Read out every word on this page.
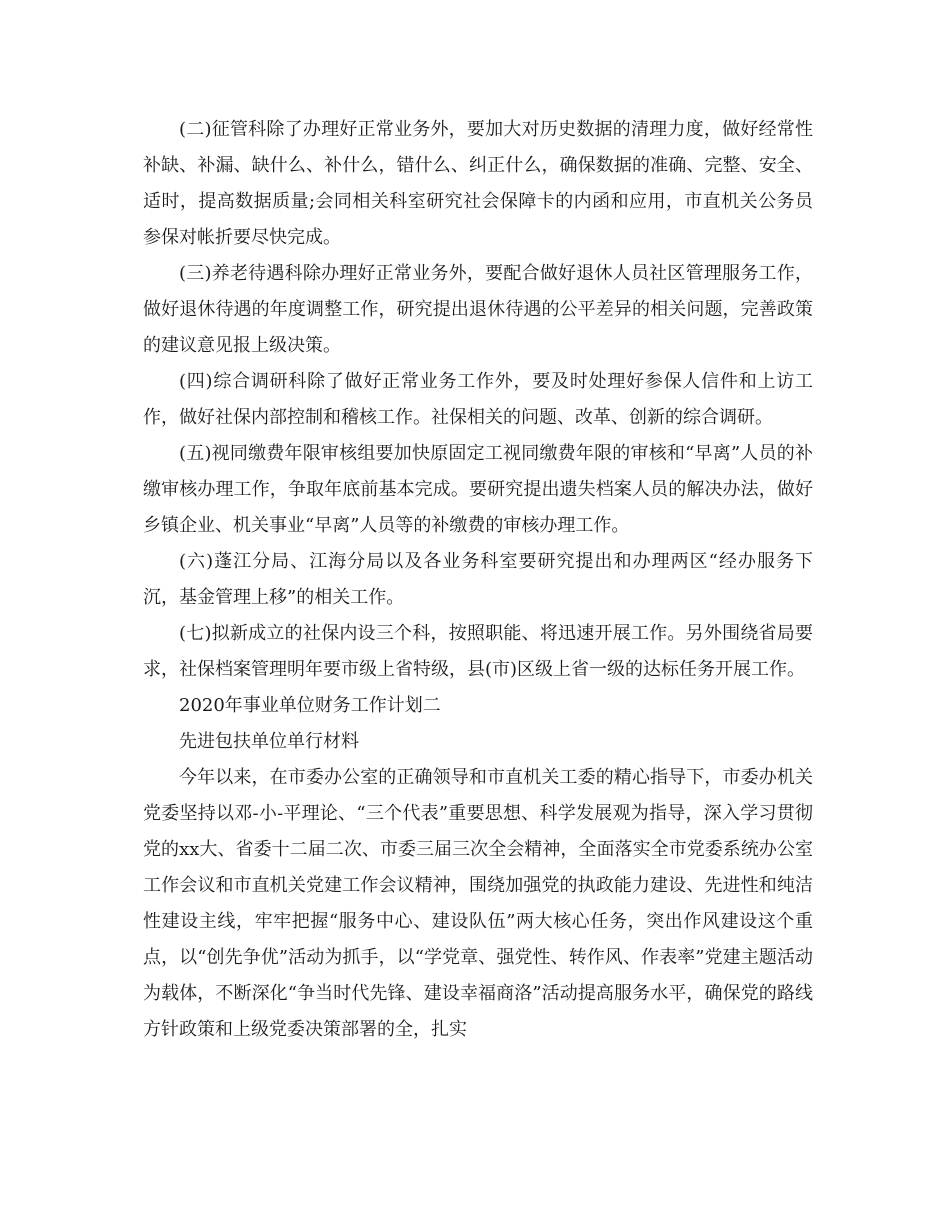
(二)征管科除了办理好正常业务外，要加大对历史数据的清理力度，做好经常性补缺、补漏、缺什么、补什么，错什么、纠正什么，确保数据的准确、完整、安全、适时，提高数据质量;会同相关科室研究社会保障卡的内函和应用，市直机关公务员参保对帐折要尽快完成。

(三)养老待遇科除办理好正常业务外，要配合做好退休人员社区管理服务工作，做好退休待遇的年度调整工作，研究提出退休待遇的公平差异的相关问题，完善政策的建议意见报上级决策。

(四)综合调研科除了做好正常业务工作外，要及时处理好参保人信件和上访工作，做好社保内部控制和稽核工作。社保相关的问题、改革、创新的综合调研。

(五)视同缴费年限审核组要加快原固定工视同缴费年限的审核和“早离”人员的补缴审核办理工作，争取年底前基本完成。要研究提出遗失档案人员的解决办法，做好乡镇企业、机关事业“早离”人员等的补缴费的审核办理工作。

(六)蓬江分局、江海分局以及各业务科室要研究提出和办理两区“经办服务下沉，基金管理上移”的相关工作。

(七)拟新成立的社保内设三个科，按照职能、将迅速开展工作。另外围绕省局要求，社保档案管理明年要市级上省特级，县(市)区级上省一级的达标任务开展工作。

2020年事业单位财务工作计划二

先进包扶单位单行材料

今年以来，在市委办公室的正确领导和市直机关工委的精心指导下，市委办机关党委坚持以邓-小-平理论、“三个代表”重要思想、科学发展观为指导，深入学习贯彻党的xx大、省委十二届二次、市委三届三次全会精神，全面落实全市党委系统办公室工作会议和市直机关党建工作会议精神，围绕加强党的执政能力建设、先进性和纯洁性建设主线，牢牢把握“服务中心、建设队伍”两大核心任务，突出作风建设这个重点，以“创先争优”活动为抓手，以“学党章、强党性、转作风、作表率”党建主题活动为载体，不断深化“争当时代先锋、建设幸福商洛”活动提高服务水平，确保党的路线方针政策和上级党委决策部署的全，扎实
